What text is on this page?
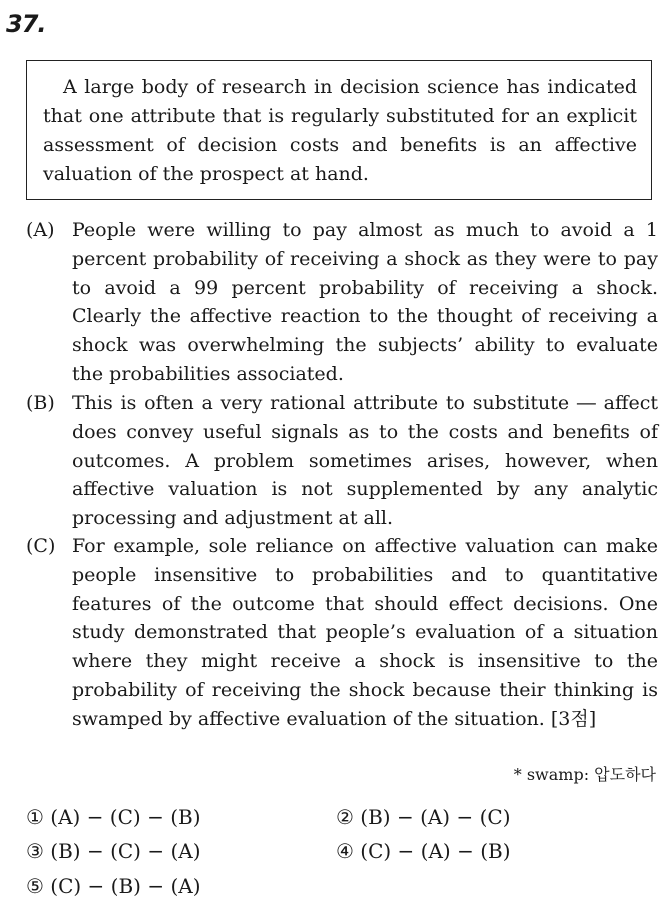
37.
A large body of research in decision science has indicated that one attribute that is regularly substituted for an explicit assessment of decision costs and benefits is an affective valuation of the prospect at hand.
(A) People were willing to pay almost as much to avoid a 1 percent probability of receiving a shock as they were to pay to avoid a 99 percent probability of receiving a shock. Clearly the affective reaction to the thought of receiving a shock was overwhelming the subjects’ ability to evaluate the probabilities associated.
(B) This is often a very rational attribute to substitute ― affect does convey useful signals as to the costs and benefits of outcomes. A problem sometimes arises, however, when affective valuation is not supplemented by any analytic processing and adjustment at all.
(C) For example, sole reliance on affective valuation can make people insensitive to probabilities and to quantitative features of the outcome that should effect decisions. One study demonstrated that people’s evaluation of a situation where they might receive a shock is insensitive to the probability of receiving the shock because their thinking is swamped by affective evaluation of the situation. [3점]
* swamp: 압도하다
① (A) − (C) − (B)	② (B) − (A) − (C)
③ (B) − (C) − (A)	④ (C) − (A) − (B)
⑤ (C) − (B) − (A)
